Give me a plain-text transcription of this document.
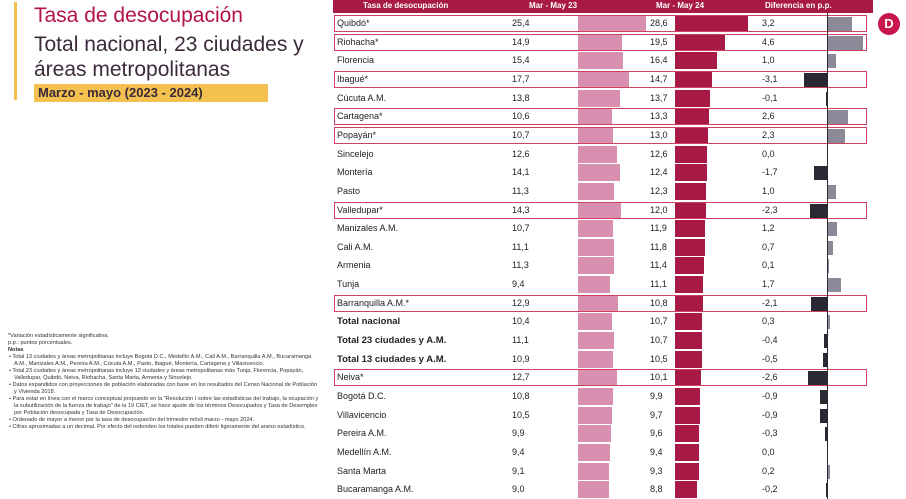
Tasa de desocupación
Total nacional, 23 ciudades y áreas metropolitanas
Marzo - mayo (2023 - 2024)
D
*Variación estadísticamente significativa.
p.p.: puntos porcentuales.
Notas
• Total 13 ciudades y áreas metropolitanas incluye Bogotá D.C., Medellín A.M., Cali A.M., Barranquilla A.M., Bucaramanga A.M., Manizales A.M., Pereira A.M., Cúcuta A.M., Pasto, Ibagué, Montería, Cartagena y Villavicencio.
• Total 23 ciudades y áreas metropolitanas incluye 13 ciudades y áreas metropolitanas más Tunja, Florencia, Popayán, Valledupar, Quibdó, Neiva, Riohacha, Santa Marta, Armenia y Sincelejo.
• Datos expandidos con proyecciones de población elaboradas con base en los resultados del Censo Nacional de Población y Vivienda 2018.
• Para estar en línea con el marco conceptual propuesto en la "Resolución I sobre las estadísticas del trabajo, la ocupación y la subutilización de la fuerza de trabajo" de la 19 CIET, se hace ajuste de los términos Desocupados y Tasa de Desempleo por Población desocupada y Tasa de Desocupación.
• Ordenado de mayor a menor por la tasa de desocupación del trimestre móvil marzo - mayo 2024.
• Cifras aproximadas a un decimal. Por efecto del redondeo los totales pueden diferir ligeramente del anexo estadístico.
Tasa de desocupación	Mar - May 23	Mar - May 24	Diferencia en p.p.
Quibdó*	25,4	28,6	3,2
Riohacha*	14,9	19,5	4,6
Florencia	15,4	16,4	1,0
Ibagué*	17,7	14,7	-3,1
Cúcuta A.M.	13,8	13,7	-0,1
Cartagena*	10,6	13,3	2,6
Popayán*	10,7	13,0	2,3
Sincelejo	12,6	12,6	0,0
Montería	14,1	12,4	-1,7
Pasto	11,3	12,3	1,0
Valledupar*	14,3	12,0	-2,3
Manizales A.M.	10,7	11,9	1,2
Cali A.M.	11,1	11,8	0,7
Armenia	11,3	11,4	0,1
Tunja	9,4	11,1	1,7
Barranquilla A.M.*	12,9	10,8	-2,1
Total nacional	10,4	10,7	0,3
Total 23 ciudades y A.M.	11,1	10,7	-0,4
Total 13 ciudades y A.M.	10,9	10,5	-0,5
Neiva*	12,7	10,1	-2,6
Bogotá D.C.	10,8	9,9	-0,9
Villavicencio	10,5	9,7	-0,9
Pereira A.M.	9,9	9,6	-0,3
Medellín A.M.	9,4	9,4	0,0
Santa Marta	9,1	9,3	0,2
Bucaramanga A.M.	9,0	8,8	-0,2
